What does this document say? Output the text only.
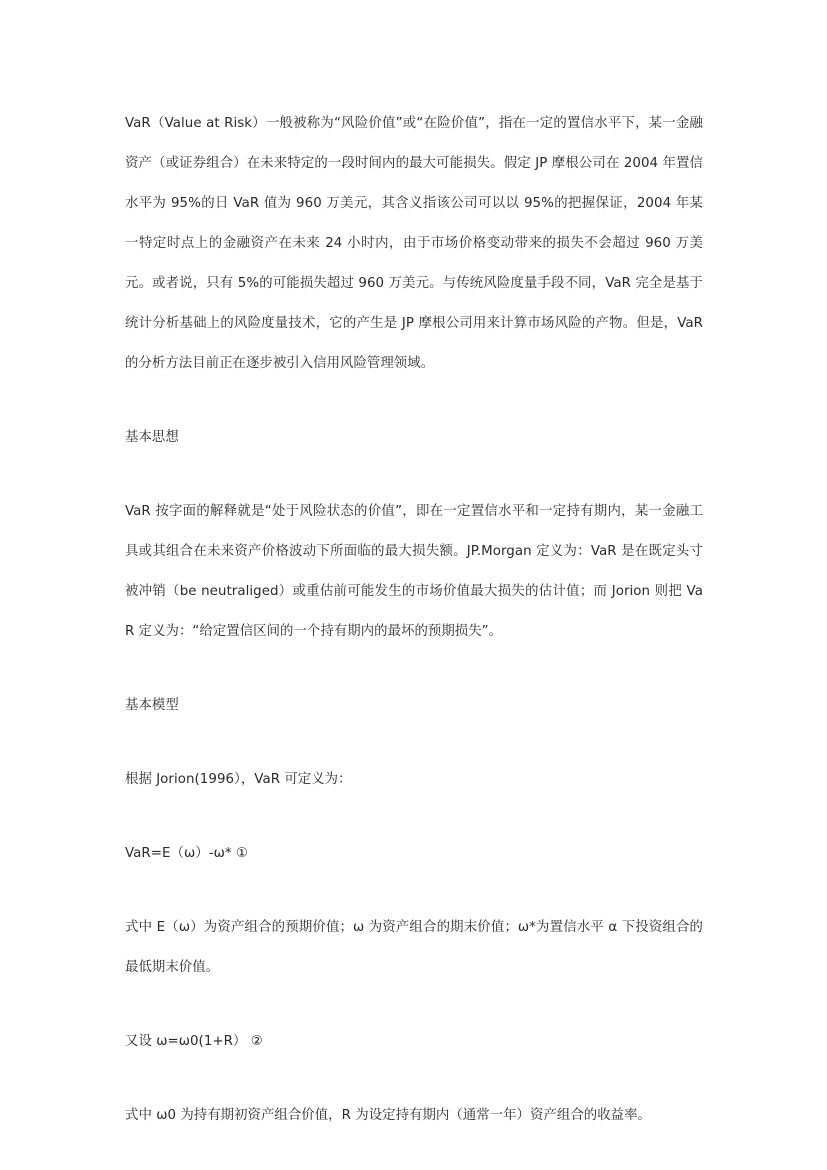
VaR（Value at Risk）一般被称为“风险价值”或“在险价值”，指在一定的置信水平下，某一金融资产（或证券组合）在未来特定的一段时间内的最大可能损失。假定 JP 摩根公司在 2004 年置信水平为 95%的日 VaR 值为 960 万美元，其含义指该公司可以以 95%的把握保证，2004 年某一特定时点上的金融资产在未来 24 小时内，由于市场价格变动带来的损失不会超过 960 万美元。或者说，只有 5%的可能损失超过 960 万美元。与传统风险度量手段不同，VaR 完全是基于统计分析基础上的风险度量技术，它的产生是 JP 摩根公司用来计算市场风险的产物。但是，VaR 的分析方法目前正在逐步被引入信用风险管理领域。

基本思想

VaR 按字面的解释就是“处于风险状态的价值”，即在一定置信水平和一定持有期内，某一金融工具或其组合在未来资产价格波动下所面临的最大损失额。JP.Morgan 定义为：VaR 是在既定头寸被冲销（be neutraliged）或重估前可能发生的市场价值最大损失的估计值；而 Jorion 则把 VaR 定义为：“给定置信区间的一个持有期内的最坏的预期损失”。

基本模型

根据 Jorion(1996），VaR 可定义为：

VaR=E（ω）-ω* ①

式中 E（ω）为资产组合的预期价值；ω 为资产组合的期末价值；ω*为置信水平 α 下投资组合的最低期末价值。

又设 ω=ω0(1+R） ②

式中 ω0 为持有期初资产组合价值，R 为设定持有期内（通常一年）资产组合的收益率。
